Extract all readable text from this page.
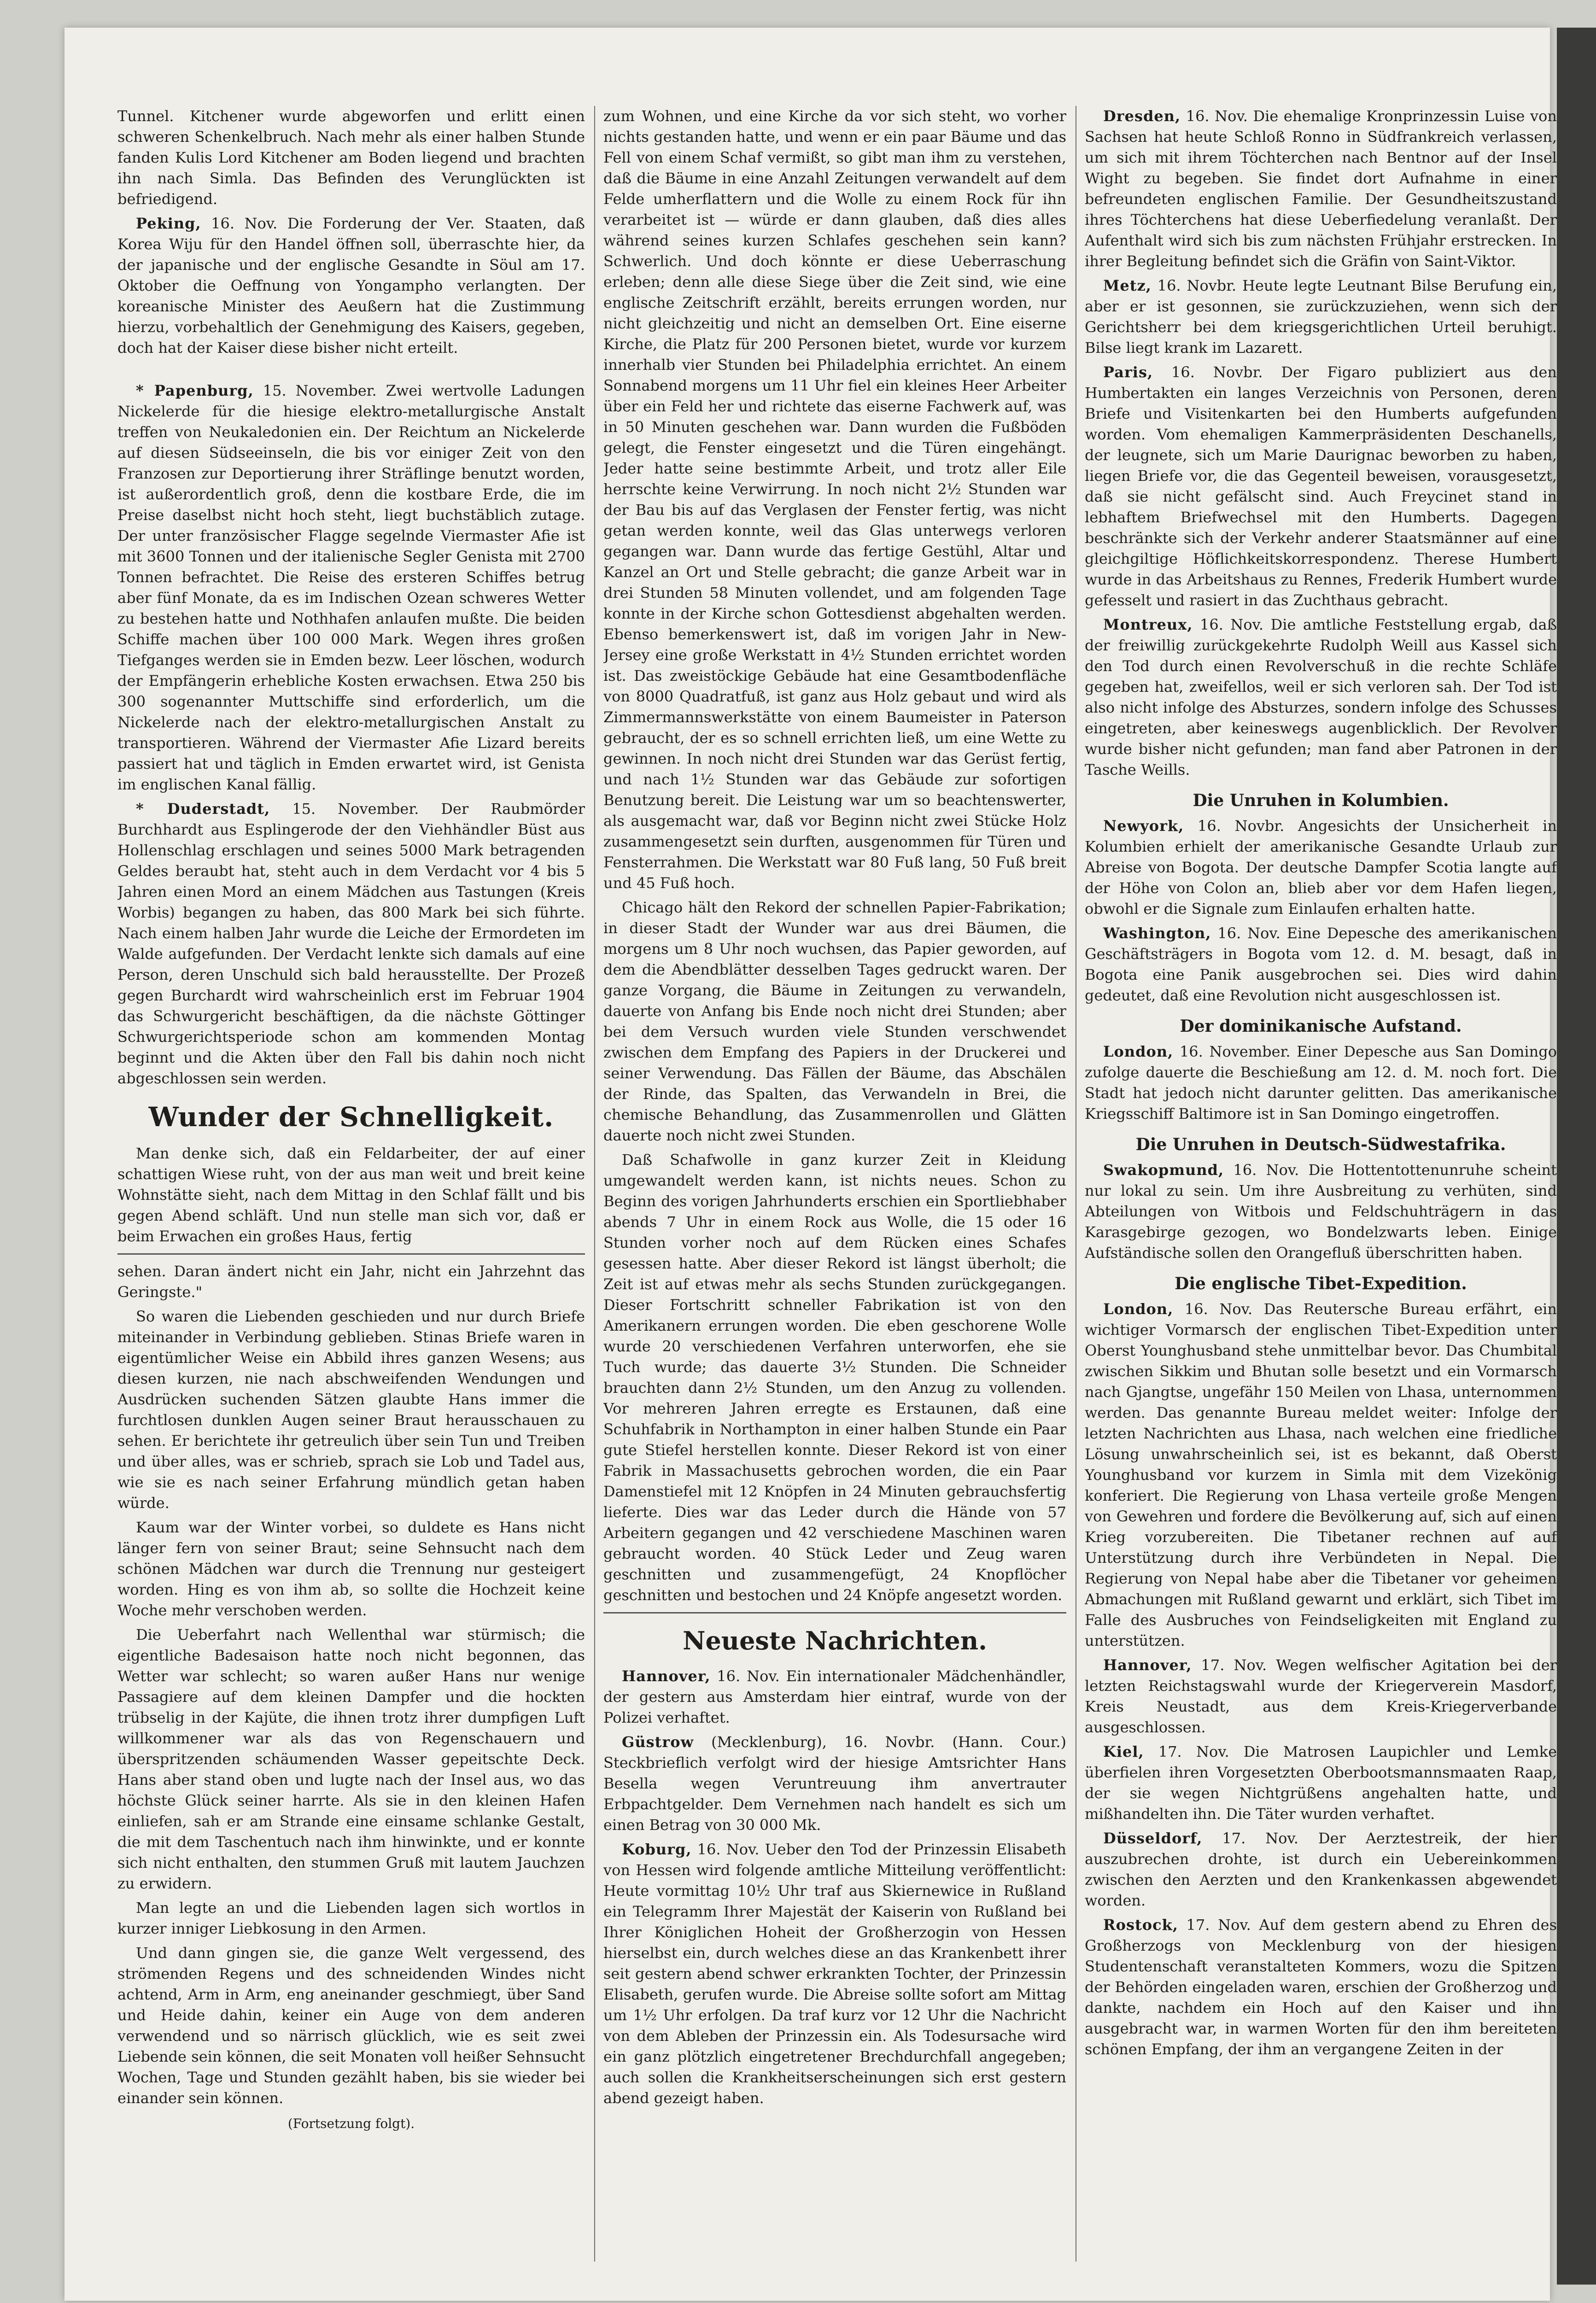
Tunnel. Kitchener wurde abgeworfen und erlitt einen schweren Schenkelbruch. Nach mehr als einer halben Stunde fanden Kulis Lord Kitchener am Boden liegend und brachten ihn nach Simla. Das Befinden des Verunglückten ist befriedigend.

Peking, 16. Nov. Die Forderung der Ver. Staaten, daß Korea Wiju für den Handel öffnen soll, überraschte hier, da der japanische und der englische Gesandte in Söul am 17. Oktober die Oeffnung von Yongampho verlangten. Der koreanische Minister des Aeußern hat die Zustimmung hierzu, vorbehaltlich der Genehmigung des Kaisers, gegeben, doch hat der Kaiser diese bisher nicht erteilt.

* Papenburg, 15. November. Zwei wertvolle Ladungen Nickelerde für die hiesige elektro-metallurgische Anstalt treffen von Neukaledonien ein. Der Reichtum an Nickelerde auf diesen Südseeinseln, die bis vor einiger Zeit von den Franzosen zur Deportierung ihrer Sträflinge benutzt worden, ist außerordentlich groß, denn die kostbare Erde, die im Preise daselbst nicht hoch steht, liegt buchstäblich zutage. Der unter französischer Flagge segelnde Viermaster Afie ist mit 3600 Tonnen und der italienische Segler Genista mit 2700 Tonnen befrachtet. Die Reise des ersteren Schiffes betrug aber fünf Monate, da es im Indischen Ozean schweres Wetter zu bestehen hatte und Nothhafen anlaufen mußte. Die beiden Schiffe machen über 100 000 Mark. Wegen ihres großen Tiefganges werden sie in Emden bezw. Leer löschen, wodurch der Empfängerin erhebliche Kosten erwachsen. Etwa 250 bis 300 sogenannter Muttschiffe sind erforderlich, um die Nickelerde nach der elektro-metallurgischen Anstalt zu transportieren. Während der Viermaster Afie Lizard bereits passiert hat und täglich in Emden erwartet wird, ist Genista im englischen Kanal fällig.

* Duderstadt, 15. November. Der Raubmörder Burchhardt aus Esplingerode der den Viehhändler Büst aus Hollenschlag erschlagen und seines 5000 Mark betragenden Geldes beraubt hat, steht auch in dem Verdacht vor 4 bis 5 Jahren einen Mord an einem Mädchen aus Tastungen (Kreis Worbis) begangen zu haben, das 800 Mark bei sich führte. Nach einem halben Jahr wurde die Leiche der Ermordeten im Walde aufgefunden. Der Verdacht lenkte sich damals auf eine Person, deren Unschuld sich bald herausstellte. Der Prozeß gegen Burchardt wird wahrscheinlich erst im Februar 1904 das Schwurgericht beschäftigen, da die nächste Göttinger Schwurgerichtsperiode schon am kommenden Montag beginnt und die Akten über den Fall bis dahin noch nicht abgeschlossen sein werden.

Wunder der Schnelligkeit.

Man denke sich, daß ein Feldarbeiter, der auf einer schattigen Wiese ruht, von der aus man weit und breit keine Wohnstätte sieht, nach dem Mittag in den Schlaf fällt und bis gegen Abend schläft. Und nun stelle man sich vor, daß er beim Erwachen ein großes Haus, fertig

sehen. Daran ändert nicht ein Jahr, nicht ein Jahrzehnt das Geringste."

So waren die Liebenden geschieden und nur durch Briefe miteinander in Verbindung geblieben. Stinas Briefe waren in eigentümlicher Weise ein Abbild ihres ganzen Wesens; aus diesen kurzen, nie nach abschweifenden Wendungen und Ausdrücken suchenden Sätzen glaubte Hans immer die furchtlosen dunklen Augen seiner Braut herausschauen zu sehen. Er berichtete ihr getreulich über sein Tun und Treiben und über alles, was er schrieb, sprach sie Lob und Tadel aus, wie sie es nach seiner Erfahrung mündlich getan haben würde.

Kaum war der Winter vorbei, so duldete es Hans nicht länger fern von seiner Braut; seine Sehnsucht nach dem schönen Mädchen war durch die Trennung nur gesteigert worden. Hing es von ihm ab, so sollte die Hochzeit keine Woche mehr verschoben werden.

Die Ueberfahrt nach Wellenthal war stürmisch; die eigentliche Badesaison hatte noch nicht begonnen, das Wetter war schlecht; so waren außer Hans nur wenige Passagiere auf dem kleinen Dampfer und die hockten trübselig in der Kajüte, die ihnen trotz ihrer dumpfigen Luft willkommener war als das von Regenschauern und überspritzenden schäumenden Wasser gepeitschte Deck. Hans aber stand oben und lugte nach der Insel aus, wo das höchste Glück seiner harrte. Als sie in den kleinen Hafen einliefen, sah er am Strande eine einsame schlanke Gestalt, die mit dem Taschentuch nach ihm hinwinkte, und er konnte sich nicht enthalten, den stummen Gruß mit lautem Jauchzen zu erwidern.

Man legte an und die Liebenden lagen sich wortlos in kurzer inniger Liebkosung in den Armen.

Und dann gingen sie, die ganze Welt vergessend, des strömenden Regens und des schneidenden Windes nicht achtend, Arm in Arm, eng aneinander geschmiegt, über Sand und Heide dahin, keiner ein Auge von dem anderen verwendend und so närrisch glücklich, wie es seit zwei Liebende sein können, die seit Monaten voll heißer Sehnsucht Wochen, Tage und Stunden gezählt haben, bis sie wieder bei einander sein können.

(Fortsetzung folgt).

zum Wohnen, und eine Kirche da vor sich steht, wo vorher nichts gestanden hatte, und wenn er ein paar Bäume und das Fell von einem Schaf vermißt, so gibt man ihm zu verstehen, daß die Bäume in eine Anzahl Zeitungen verwandelt auf dem Felde umherflattern und die Wolle zu einem Rock für ihn verarbeitet ist — würde er dann glauben, daß dies alles während seines kurzen Schlafes geschehen sein kann? Schwerlich. Und doch könnte er diese Ueberraschung erleben; denn alle diese Siege über die Zeit sind, wie eine englische Zeitschrift erzählt, bereits errungen worden, nur nicht gleichzeitig und nicht an demselben Ort. Eine eiserne Kirche, die Platz für 200 Personen bietet, wurde vor kurzem innerhalb vier Stunden bei Philadelphia errichtet. An einem Sonnabend morgens um 11 Uhr fiel ein kleines Heer Arbeiter über ein Feld her und richtete das eiserne Fachwerk auf, was in 50 Minuten geschehen war. Dann wurden die Fußböden gelegt, die Fenster eingesetzt und die Türen eingehängt. Jeder hatte seine bestimmte Arbeit, und trotz aller Eile herrschte keine Verwirrung. In noch nicht 2½ Stunden war der Bau bis auf das Verglasen der Fenster fertig, was nicht getan werden konnte, weil das Glas unterwegs verloren gegangen war. Dann wurde das fertige Gestühl, Altar und Kanzel an Ort und Stelle gebracht; die ganze Arbeit war in drei Stunden 58 Minuten vollendet, und am folgenden Tage konnte in der Kirche schon Gottesdienst abgehalten werden. Ebenso bemerkenswert ist, daß im vorigen Jahr in New-Jersey eine große Werkstatt in 4½ Stunden errichtet worden ist. Das zweistöckige Gebäude hat eine Gesamtbodenfläche von 8000 Quadratfuß, ist ganz aus Holz gebaut und wird als Zimmermannswerkstätte von einem Baumeister in Paterson gebraucht, der es so schnell errichten ließ, um eine Wette zu gewinnen. In noch nicht drei Stunden war das Gerüst fertig, und nach 1½ Stunden war das Gebäude zur sofortigen Benutzung bereit. Die Leistung war um so beachtenswerter, als ausgemacht war, daß vor Beginn nicht zwei Stücke Holz zusammengesetzt sein durften, ausgenommen für Türen und Fensterrahmen. Die Werkstatt war 80 Fuß lang, 50 Fuß breit und 45 Fuß hoch.

Chicago hält den Rekord der schnellen Papier-Fabrikation; in dieser Stadt der Wunder war aus drei Bäumen, die morgens um 8 Uhr noch wuchsen, das Papier geworden, auf dem die Abendblätter desselben Tages gedruckt waren. Der ganze Vorgang, die Bäume in Zeitungen zu verwandeln, dauerte von Anfang bis Ende noch nicht drei Stunden; aber bei dem Versuch wurden viele Stunden verschwendet zwischen dem Empfang des Papiers in der Druckerei und seiner Verwendung. Das Fällen der Bäume, das Abschälen der Rinde, das Spalten, das Verwandeln in Brei, die chemische Behandlung, das Zusammenrollen und Glätten dauerte noch nicht zwei Stunden.

Daß Schafwolle in ganz kurzer Zeit in Kleidung umgewandelt werden kann, ist nichts neues. Schon zu Beginn des vorigen Jahrhunderts erschien ein Sportliebhaber abends 7 Uhr in einem Rock aus Wolle, die 15 oder 16 Stunden vorher noch auf dem Rücken eines Schafes gesessen hatte. Aber dieser Rekord ist längst überholt; die Zeit ist auf etwas mehr als sechs Stunden zurückgegangen. Dieser Fortschritt schneller Fabrikation ist von den Amerikanern errungen worden. Die eben geschorene Wolle wurde 20 verschiedenen Verfahren unterworfen, ehe sie Tuch wurde; das dauerte 3½ Stunden. Die Schneider brauchten dann 2½ Stunden, um den Anzug zu vollenden. Vor mehreren Jahren erregte es Erstaunen, daß eine Schuhfabrik in Northampton in einer halben Stunde ein Paar gute Stiefel herstellen konnte. Dieser Rekord ist von einer Fabrik in Massachusetts gebrochen worden, die ein Paar Damenstiefel mit 12 Knöpfen in 24 Minuten gebrauchsfertig lieferte. Dies war das Leder durch die Hände von 57 Arbeitern gegangen und 42 verschiedene Maschinen waren gebraucht worden. 40 Stück Leder und Zeug waren geschnitten und zusammengefügt, 24 Knopflöcher geschnitten und bestochen und 24 Knöpfe angesetzt worden.

Neueste Nachrichten.

Hannover, 16. Nov. Ein internationaler Mädchenhändler, der gestern aus Amsterdam hier eintraf, wurde von der Polizei verhaftet.

Güstrow (Mecklenburg), 16. Novbr. (Hann. Cour.) Steckbrieflich verfolgt wird der hiesige Amtsrichter Hans Besella wegen Veruntreuung ihm anvertrauter Erbpachtgelder. Dem Vernehmen nach handelt es sich um einen Betrag von 30 000 Mk.

Koburg, 16. Nov. Ueber den Tod der Prinzessin Elisabeth von Hessen wird folgende amtliche Mitteilung veröffentlicht: Heute vormittag 10½ Uhr traf aus Skiernewice in Rußland ein Telegramm Ihrer Majestät der Kaiserin von Rußland bei Ihrer Königlichen Hoheit der Großherzogin von Hessen hierselbst ein, durch welches diese an das Krankenbett ihrer seit gestern abend schwer erkrankten Tochter, der Prinzessin Elisabeth, gerufen wurde. Die Abreise sollte sofort am Mittag um 1½ Uhr erfolgen. Da traf kurz vor 12 Uhr die Nachricht von dem Ableben der Prinzessin ein. Als Todesursache wird ein ganz plötzlich eingetretener Brechdurchfall angegeben; auch sollen die Krankheitserscheinungen sich erst gestern abend gezeigt haben.

Dresden, 16. Nov. Die ehemalige Kronprinzessin Luise von Sachsen hat heute Schloß Ronno in Südfrankreich verlassen, um sich mit ihrem Töchterchen nach Bentnor auf der Insel Wight zu begeben. Sie findet dort Aufnahme in einer befreundeten englischen Familie. Der Gesundheitszustand ihres Töchterchens hat diese Ueberfiedelung veranlaßt. Der Aufenthalt wird sich bis zum nächsten Frühjahr erstrecken. In ihrer Begleitung befindet sich die Gräfin von Saint-Viktor.

Metz, 16. Novbr. Heute legte Leutnant Bilse Berufung ein, aber er ist gesonnen, sie zurückzuziehen, wenn sich der Gerichtsherr bei dem kriegsgerichtlichen Urteil beruhigt. Bilse liegt krank im Lazarett.

Paris, 16. Novbr. Der Figaro publiziert aus den Humbertakten ein langes Verzeichnis von Personen, deren Briefe und Visitenkarten bei den Humberts aufgefunden worden. Vom ehemaligen Kammerpräsidenten Deschanells, der leugnete, sich um Marie Daurignac beworben zu haben, liegen Briefe vor, die das Gegenteil beweisen, vorausgesetzt, daß sie nicht gefälscht sind. Auch Freycinet stand in lebhaftem Briefwechsel mit den Humberts. Dagegen beschränkte sich der Verkehr anderer Staatsmänner auf eine gleichgiltige Höflichkeitskorrespondenz. Therese Humbert wurde in das Arbeitshaus zu Rennes, Frederik Humbert wurde gefesselt und rasiert in das Zuchthaus gebracht.

Montreux, 16. Nov. Die amtliche Feststellung ergab, daß der freiwillig zurückgekehrte Rudolph Weill aus Kassel sich den Tod durch einen Revolverschuß in die rechte Schläfe gegeben hat, zweifellos, weil er sich verloren sah. Der Tod ist also nicht infolge des Absturzes, sondern infolge des Schusses eingetreten, aber keineswegs augenblicklich. Der Revolver wurde bisher nicht gefunden; man fand aber Patronen in der Tasche Weills.

Die Unruhen in Kolumbien.

Newyork, 16. Novbr. Angesichts der Unsicherheit in Kolumbien erhielt der amerikanische Gesandte Urlaub zur Abreise von Bogota. Der deutsche Dampfer Scotia langte auf der Höhe von Colon an, blieb aber vor dem Hafen liegen, obwohl er die Signale zum Einlaufen erhalten hatte.

Washington, 16. Nov. Eine Depesche des amerikanischen Geschäftsträgers in Bogota vom 12. d. M. besagt, daß in Bogota eine Panik ausgebrochen sei. Dies wird dahin gedeutet, daß eine Revolution nicht ausgeschlossen ist.

Der dominikanische Aufstand.

London, 16. November. Einer Depesche aus San Domingo zufolge dauerte die Beschießung am 12. d. M. noch fort. Die Stadt hat jedoch nicht darunter gelitten. Das amerikanische Kriegsschiff Baltimore ist in San Domingo eingetroffen.

Die Unruhen in Deutsch-Südwestafrika.

Swakopmund, 16. Nov. Die Hottentottenunruhe scheint nur lokal zu sein. Um ihre Ausbreitung zu verhüten, sind Abteilungen von Witbois und Feldschuhträgern in das Karasgebirge gezogen, wo Bondelzwarts leben. Einige Aufständische sollen den Orangefluß überschritten haben.

Die englische Tibet-Expedition.

London, 16. Nov. Das Reutersche Bureau erfährt, ein wichtiger Vormarsch der englischen Tibet-Expedition unter Oberst Younghusband stehe unmittelbar bevor. Das Chumbital zwischen Sikkim und Bhutan solle besetzt und ein Vormarsch nach Gjangtse, ungefähr 150 Meilen von Lhasa, unternommen werden. Das genannte Bureau meldet weiter: Infolge der letzten Nachrichten aus Lhasa, nach welchen eine friedliche Lösung unwahrscheinlich sei, ist es bekannt, daß Oberst Younghusband vor kurzem in Simla mit dem Vizekönig konferiert. Die Regierung von Lhasa verteile große Mengen von Gewehren und fordere die Bevölkerung auf, sich auf einen Krieg vorzubereiten. Die Tibetaner rechnen auf auf Unterstützung durch ihre Verbündeten in Nepal. Die Regierung von Nepal habe aber die Tibetaner vor geheimen Abmachungen mit Rußland gewarnt und erklärt, sich Tibet im Falle des Ausbruches von Feindseligkeiten mit England zu unterstützen.

Hannover, 17. Nov. Wegen welfischer Agitation bei der letzten Reichstagswahl wurde der Kriegerverein Masdorf, Kreis Neustadt, aus dem Kreis-Kriegerverbande ausgeschlossen.

Kiel, 17. Nov. Die Matrosen Laupichler und Lemke überfielen ihren Vorgesetzten Oberbootsmannsmaaten Raap, der sie wegen Nichtgrüßens angehalten hatte, und mißhandelten ihn. Die Täter wurden verhaftet.

Düsseldorf, 17. Nov. Der Aerztestreik, der hier auszubrechen drohte, ist durch ein Uebereinkommen zwischen den Aerzten und den Krankenkassen abgewendet worden.

Rostock, 17. Nov. Auf dem gestern abend zu Ehren des Großherzogs von Mecklenburg von der hiesigen Studentenschaft veranstalteten Kommers, wozu die Spitzen der Behörden eingeladen waren, erschien der Großherzog und dankte, nachdem ein Hoch auf den Kaiser und ihn ausgebracht war, in warmen Worten für den ihm bereiteten schönen Empfang, der ihm an vergangene Zeiten in der
